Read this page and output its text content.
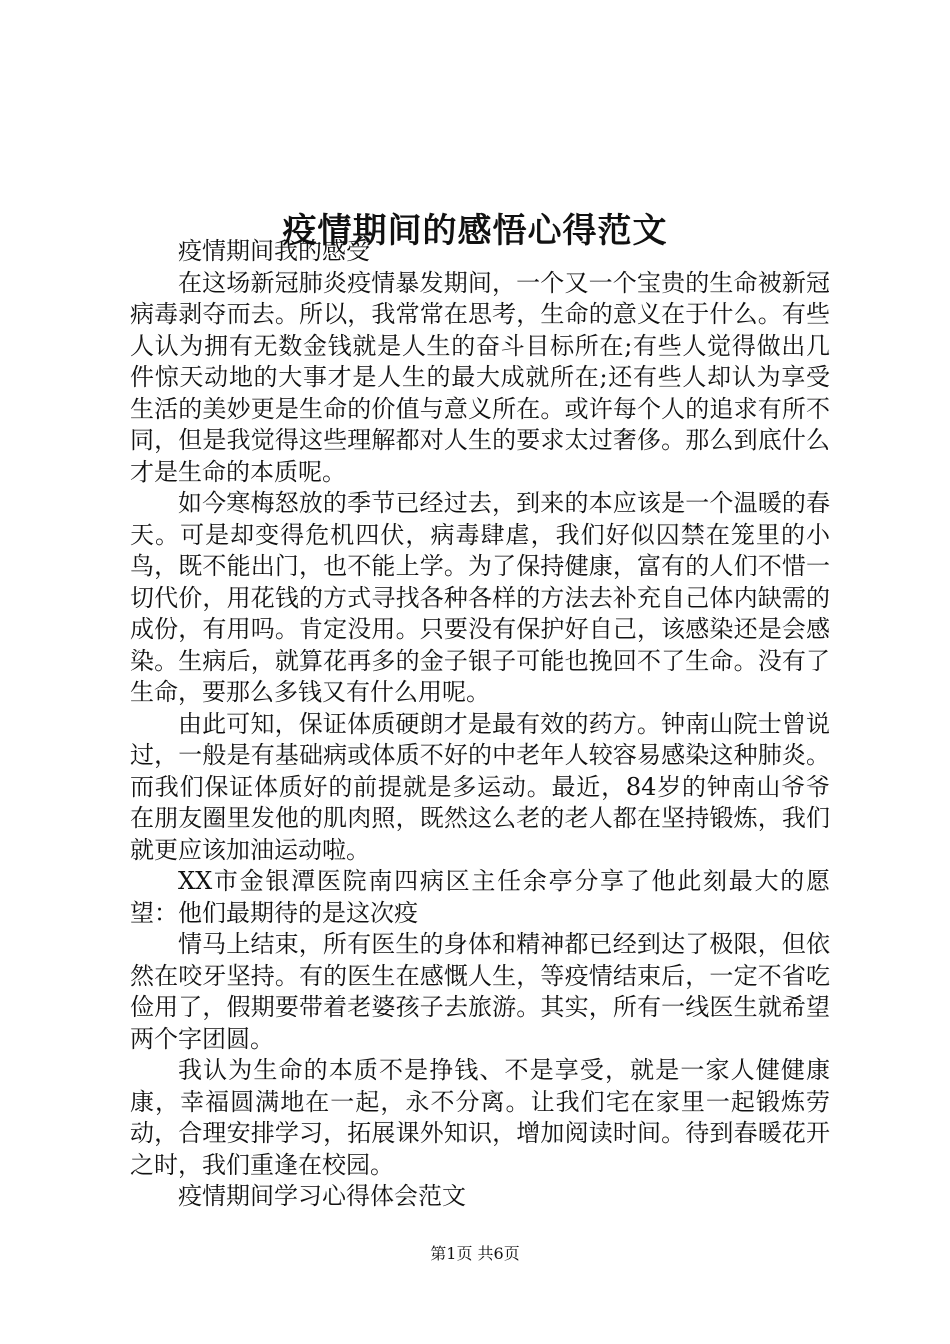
疫情期间的感悟心得范文

疫情期间我的感受

在这场新冠肺炎疫情暴发期间，一个又一个宝贵的生命被新冠病毒剥夺而去。所以，我常常在思考，生命的意义在于什么。有些人认为拥有无数金钱就是人生的奋斗目标所在;有些人觉得做出几件惊天动地的大事才是人生的最大成就所在;还有些人却认为享受生活的美妙更是生命的价值与意义所在。或许每个人的追求有所不同，但是我觉得这些理解都对人生的要求太过奢侈。那么到底什么才是生命的本质呢。

如今寒梅怒放的季节已经过去，到来的本应该是一个温暖的春天。可是却变得危机四伏，病毒肆虐，我们好似囚禁在笼里的小鸟，既不能出门，也不能上学。为了保持健康，富有的人们不惜一切代价，用花钱的方式寻找各种各样的方法去补充自己体内缺需的成份，有用吗。肯定没用。只要没有保护好自己，该感染还是会感染。生病后，就算花再多的金子银子可能也挽回不了生命。没有了生命，要那么多钱又有什么用呢。

由此可知，保证体质硬朗才是最有效的药方。钟南山院士曾说过，一般是有基础病或体质不好的中老年人较容易感染这种肺炎。而我们保证体质好的前提就是多运动。最近，84岁的钟南山爷爷在朋友圈里发他的肌肉照，既然这么老的老人都在坚持锻炼，我们就更应该加油运动啦。

XX市金银潭医院南四病区主任余亭分享了他此刻最大的愿望：他们最期待的是这次疫

情马上结束，所有医生的身体和精神都已经到达了极限，但依然在咬牙坚持。有的医生在感慨人生，等疫情结束后，一定不省吃俭用了，假期要带着老婆孩子去旅游。其实，所有一线医生就希望两个字团圆。

我认为生命的本质不是挣钱、不是享受，就是一家人健健康康，幸福圆满地在一起，永不分离。让我们宅在家里一起锻炼劳动，合理安排学习，拓展课外知识，增加阅读时间。待到春暖花开之时，我们重逢在校园。

疫情期间学习心得体会范文

第1页 共6页
